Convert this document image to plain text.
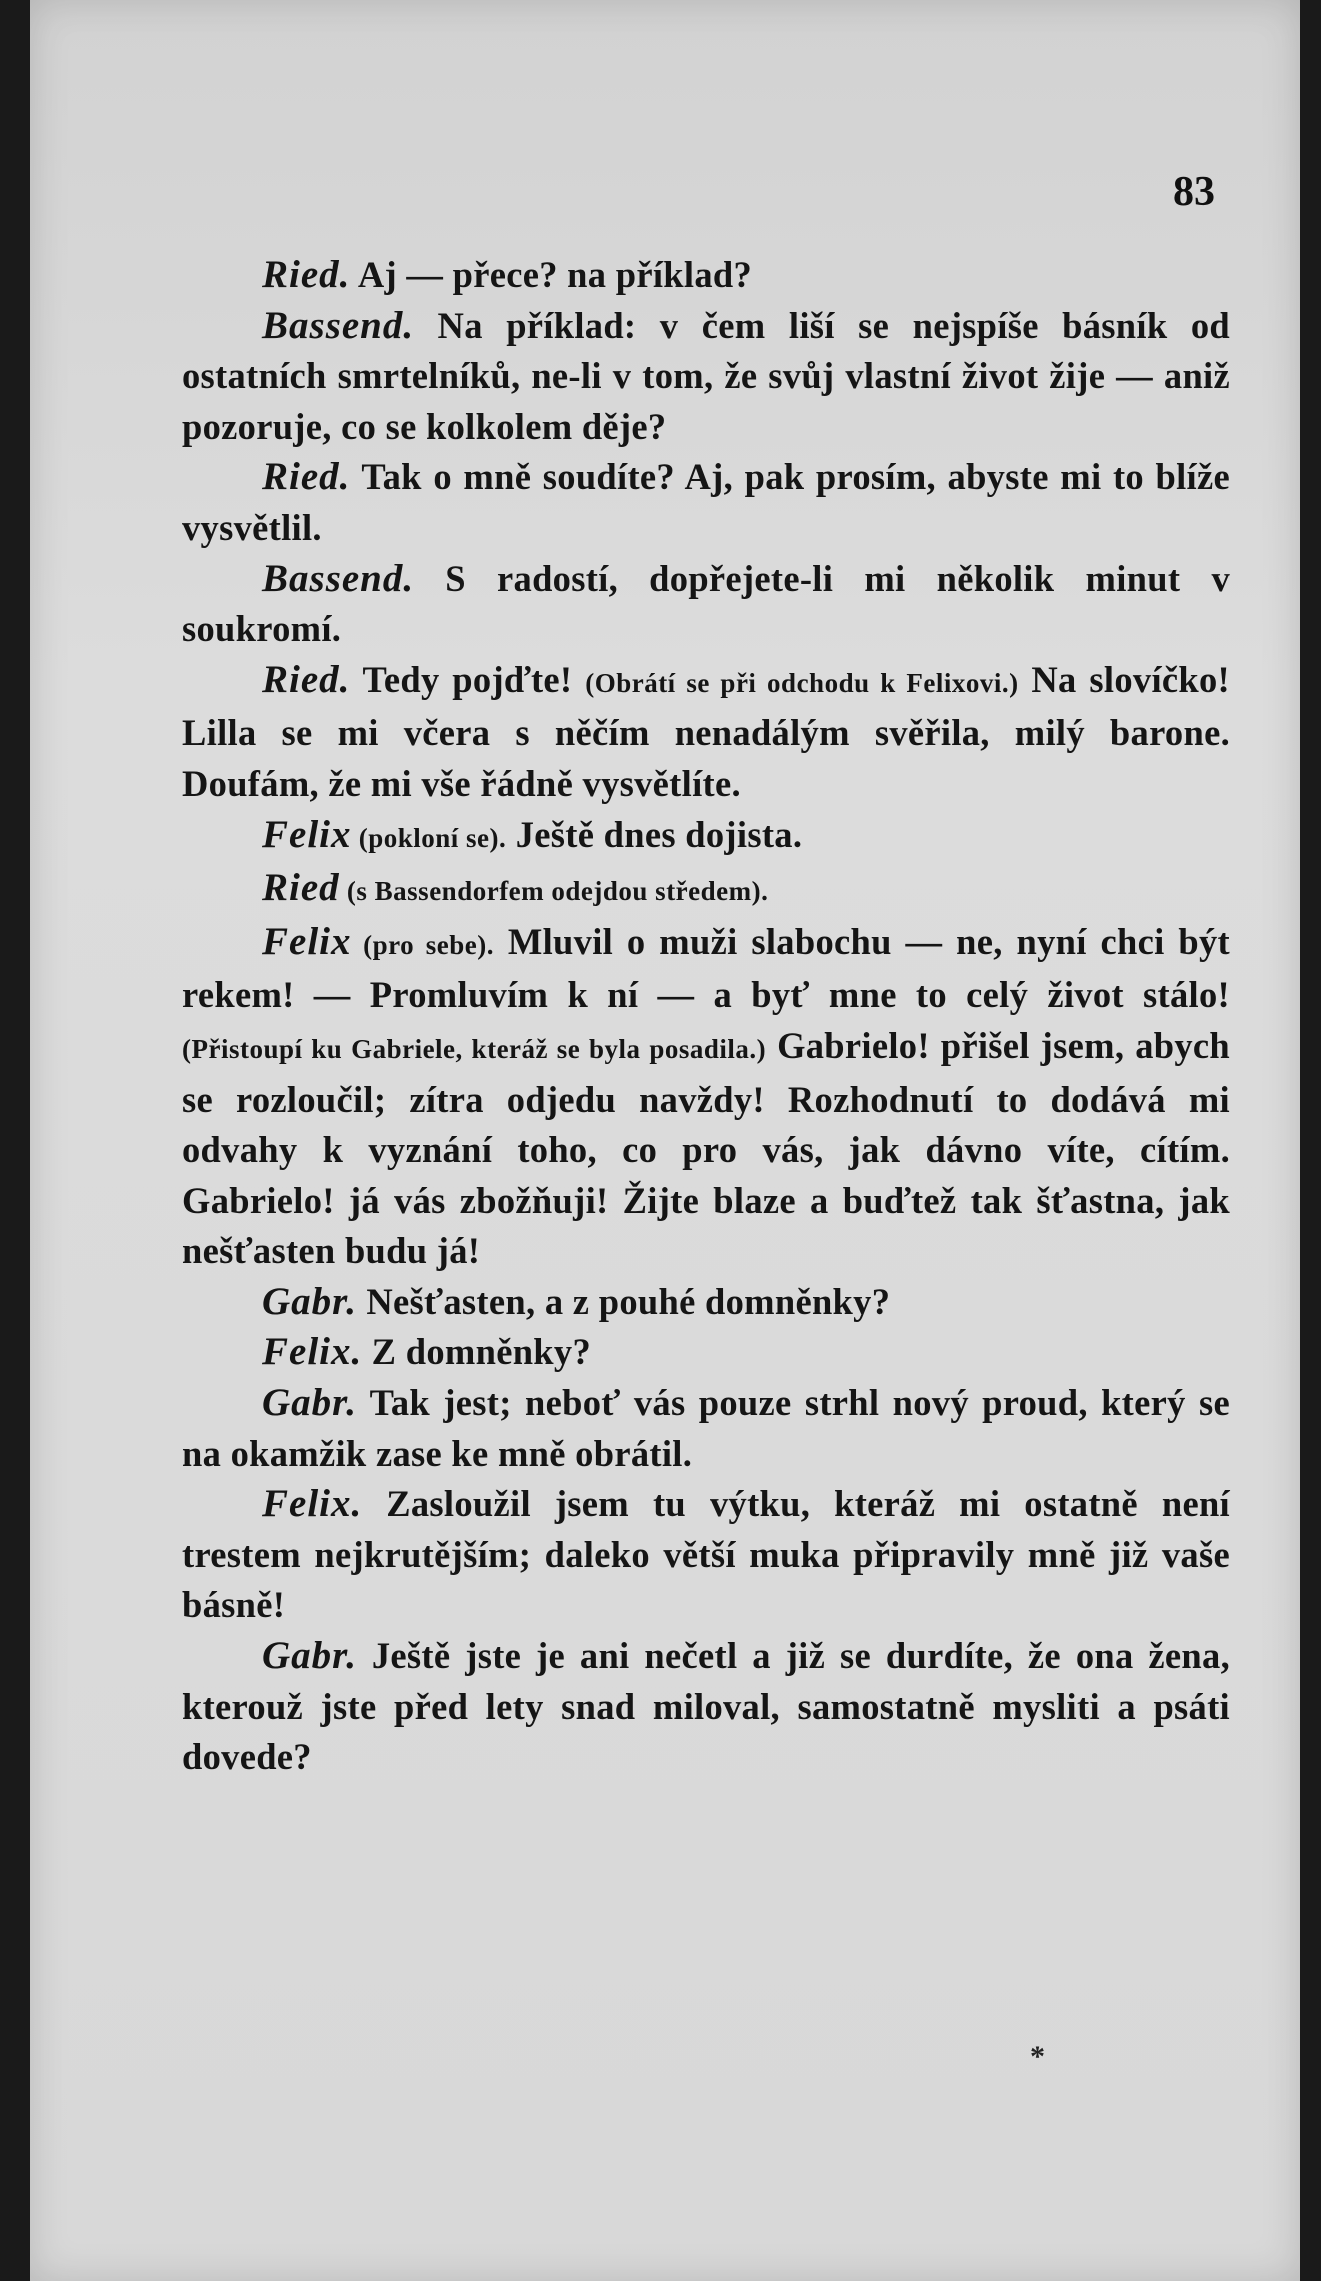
83

Ried. Aj — přece? na příklad?

Bassend. Na příklad: v čem liší se nejspíše básník od ostatních smrtelníků, ne-li v tom, že svůj vlastní život žije — aniž pozoruje, co se kolkolem děje?

Ried. Tak o mně soudíte? Aj, pak prosím, abyste mi to blíže vysvětlil.

Bassend. S radostí, dopřejete-li mi několik minut v soukromí.

Ried. Tedy pojďte! (Obrátí se při odchodu k Felixovi.) Na slovíčko! Lilla se mi včera s něčím nenadálým svěřila, milý barone. Doufám, že mi vše řádně vysvětlíte.

Felix (pokloní se). Ještě dnes dojista.

Ried (s Bassendorfem odejdou středem).

Felix (pro sebe). Mluvil o muži slabochu — ne, nyní chci být rekem! — Promluvím k ní — a byť mne to celý život stálo! (Přistoupí ku Gabriele, kteráž se byla posadila.) Gabrielo! přišel jsem, abych se rozloučil; zítra odjedu navždy! Rozhodnutí to dodává mi odvahy k vyznání toho, co pro vás, jak dávno víte, cítím. Gabrielo! já vás zbožňuji! Žijte blaze a buďtež tak šťastna, jak nešťasten budu já!

Gabr. Nešťasten, a z pouhé domněnky?

Felix. Z domněnky?

Gabr. Tak jest; neboť vás pouze strhl nový proud, který se na okamžik zase ke mně obrátil.

Felix. Zasloužil jsem tu výtku, kteráž mi ostatně není trestem nejkrutějším; daleko větší muka připravily mně již vaše básně!

Gabr. Ještě jste je ani nečetl a již se durdíte, že ona žena, kterouž jste před lety snad miloval, samostatně mysliti a psáti dovede?

*
